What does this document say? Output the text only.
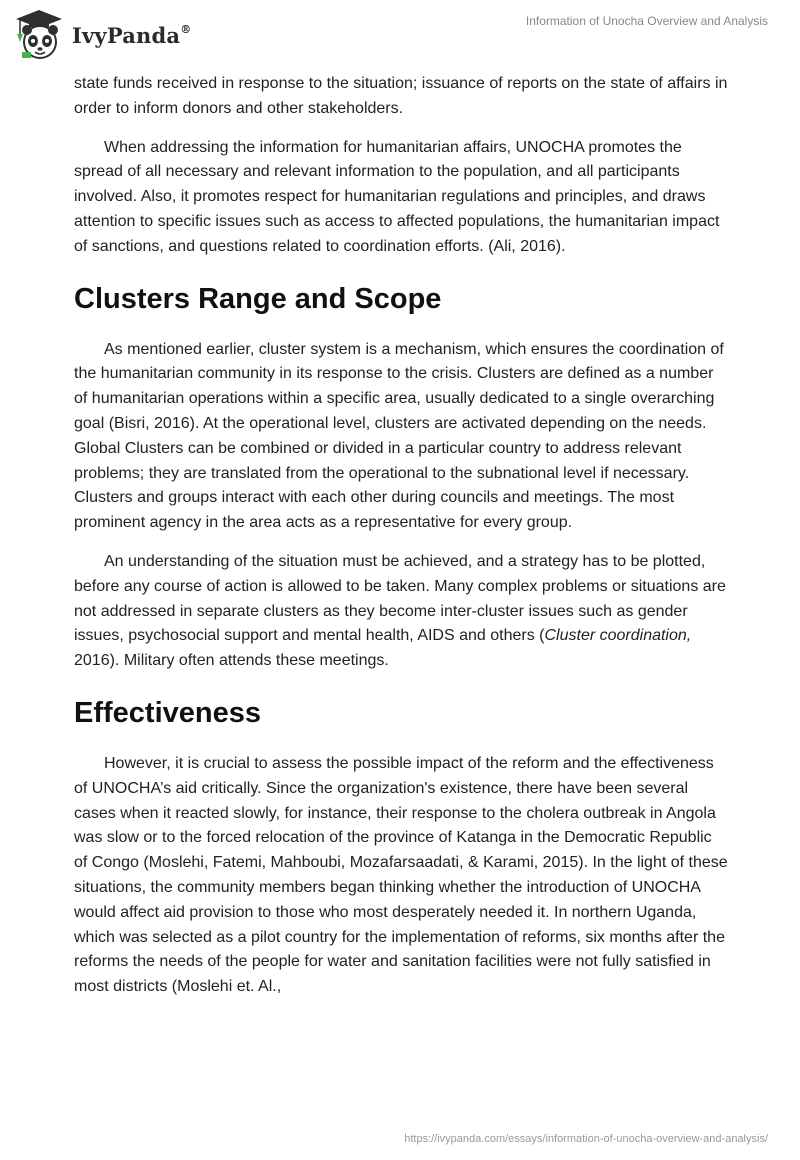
IvyPanda®
Information of Unocha Overview and Analysis

state funds received in response to the situation; issuance of reports on the state of affairs in order to inform donors and other stakeholders.

When addressing the information for humanitarian affairs, UNOCHA promotes the spread of all necessary and relevant information to the population, and all participants involved. Also, it promotes respect for humanitarian regulations and principles, and draws attention to specific issues such as access to affected populations, the humanitarian impact of sanctions, and questions related to coordination efforts. (Ali, 2016).

Clusters Range and Scope

As mentioned earlier, cluster system is a mechanism, which ensures the coordination of the humanitarian community in its response to the crisis. Clusters are defined as a number of humanitarian operations within a specific area, usually dedicated to a single overarching goal (Bisri, 2016). At the operational level, clusters are activated depending on the needs. Global Clusters can be combined or divided in a particular country to address relevant problems; they are translated from the operational to the subnational level if necessary. Clusters and groups interact with each other during councils and meetings. The most prominent agency in the area acts as a representative for every group.

An understanding of the situation must be achieved, and a strategy has to be plotted, before any course of action is allowed to be taken. Many complex problems or situations are not addressed in separate clusters as they become inter-cluster issues such as gender issues, psychosocial support and mental health, AIDS and others (Cluster coordination, 2016). Military often attends these meetings.

Effectiveness

However, it is crucial to assess the possible impact of the reform and the effectiveness of UNOCHA’s aid critically. Since the organization's existence, there have been several cases when it reacted slowly, for instance, their response to the cholera outbreak in Angola was slow or to the forced relocation of the province of Katanga in the Democratic Republic of Congo (Moslehi, Fatemi, Mahboubi, Mozafarsaadati, & Karami, 2015). In the light of these situations, the community members began thinking whether the introduction of UNOCHA would affect aid provision to those who most desperately needed it. In northern Uganda, which was selected as a pilot country for the implementation of reforms, six months after the reforms the needs of the people for water and sanitation facilities were not fully satisfied in most districts (Moslehi et. Al.,

https://ivypanda.com/essays/information-of-unocha-overview-and-analysis/
